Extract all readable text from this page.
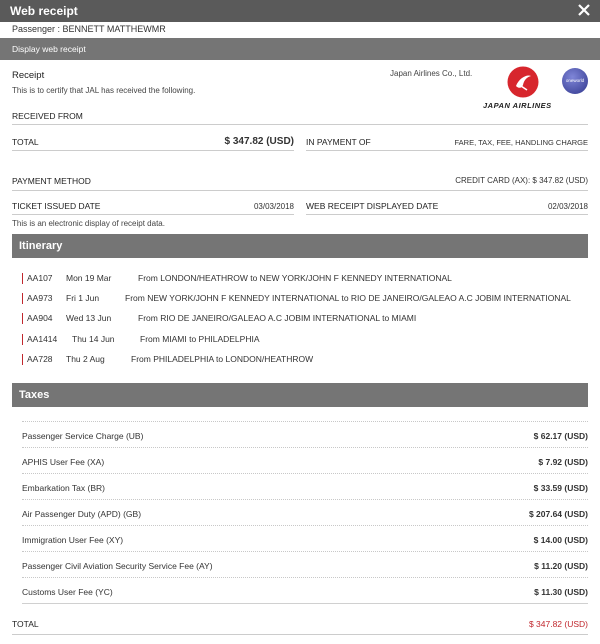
Web receipt
Passenger : BENNETT MATTHEWMR
Display web receipt
Receipt
This is to certify that JAL has received the following.
Japan Airlines Co., Ltd.
oneworld
JAPAN AIRLINES
RECEIVED FROM
TOTAL	$ 347.82 (USD) IN PAYMENT OF	FARE, TAX, FEE, HANDLING CHARGE
PAYMENT METHOD	CREDIT CARD (AX): $ 347.82 (USD)
TICKET ISSUED DATE	03/03/2018 WEB RECEIPT DISPLAYED DATE	02/03/2018
This is an electronic display of receipt data.
Itinerary
AA107 Mon 19 Mar	From LONDON/HEATHROW to NEW YORK/JOHN F KENNEDY INTERNATIONAL
AA973 Fri 1 Jun	From NEW YORK/JOHN F KENNEDY INTERNATIONAL to RIO DE JANEIRO/GALEAO A.C JOBIM INTERNATIONAL
AA904 Wed 13 Jun	From RIO DE JANEIRO/GALEAO A.C JOBIM INTERNATIONAL to MIAMI
AA1414 Thu 14 Jun	From MIAMI to PHILADELPHIA
AA728 Thu 2 Aug	From PHILADELPHIA to LONDON/HEATHROW
Taxes
Passenger Service Charge (UB)	$ 62.17 (USD)
APHIS User Fee (XA)	$ 7.92 (USD)
Embarkation Tax (BR)	$ 33.59 (USD)
Air Passenger Duty (APD) (GB)	$ 207.64 (USD)
Immigration User Fee (XY)	$ 14.00 (USD)
Passenger Civil Aviation Security Service Fee (AY)	$ 11.20 (USD)
Customs User Fee (YC)	$ 11.30 (USD)
TOTAL	$ 347.82 (USD)
